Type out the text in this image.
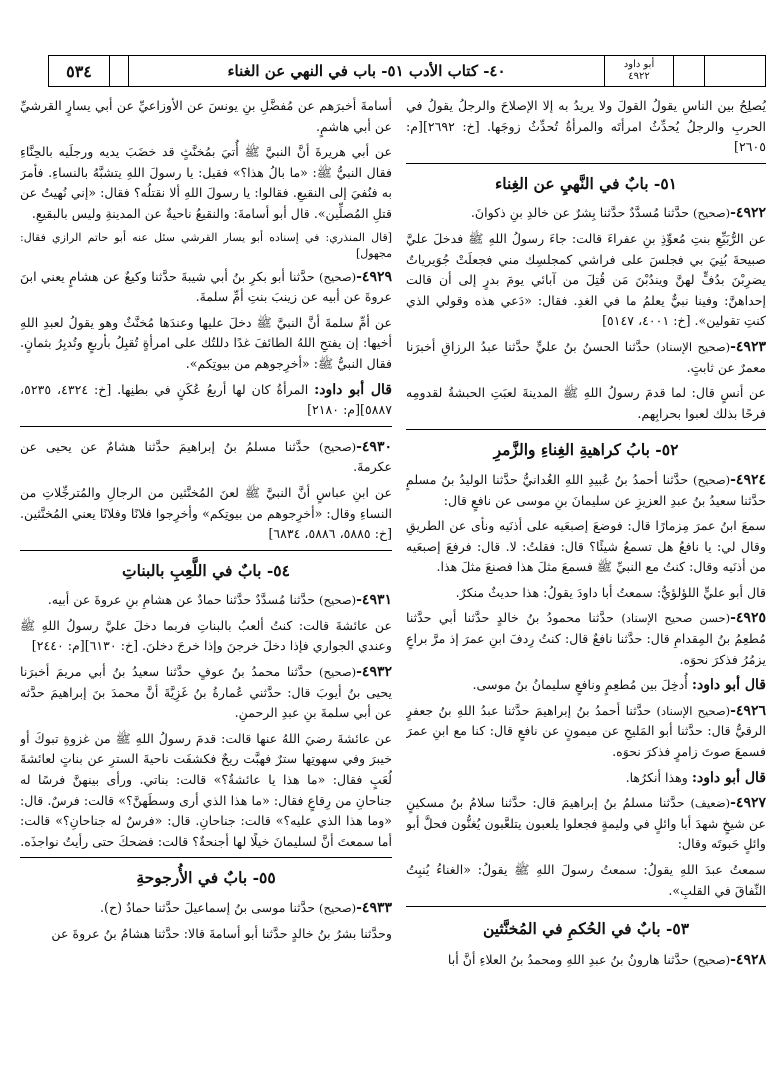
٥٣٤	٤٠- كتاب الأدب ٥١- باب في النهي عن الغناء	أبو داود
٤٩٢٢

يُصلِحُ بين الناسِ يقولُ القولَ ولا يريدُ به إلا الإصلاحَ والرجلُ يقولُ في الحربِ والرجلُ يُحدِّثُ امرأتَه والمرأةُ تُحدِّثُ زوجَها. [خ: ٢٦٩٢][م: ٢٦٠٥]

٥١- بابٌ في النَّهيِ عن الغِناء

٤٩٢٢-(صحيح) حدَّثنا مُسدَّدٌ حدَّثنا بِشرٌ عن خالدِ بنِ ذكوانَ.

عن الرُّبَيِّعِ بنتِ مُعوِّذِ بنِ عفراءَ قالت: جاءَ رسولُ اللهِ ﷺ فدخلَ عليَّ صبيحةَ بُنِيَ بي فجلسَ على فراشي كمجلسِك مني فجعلَتْ جُوَيرياتٌ يضرِبْنَ بدُفٍّ لهنَّ ويندُبْنَ مَن قُتِلَ من آبائي يومَ بدرٍ إلى أن قالت إحداهنَّ: وفينا نبيٌّ يعلمُ ما في الغدِ. فقال: «دَعي هذه وقولي الذي كنتِ تقولين». [خ: ٤٠٠١، ٥١٤٧]

٤٩٢٣-(صحيح الإسناد) حدَّثنا الحسنُ بنُ عليٍّ حدَّثنا عبدُ الرزاقِ أخبرَنا معمرٌ عن ثابتٍ.

عن أنسٍ قال: لما قدمَ رسولُ اللهِ ﷺ المدينةَ لعبَتِ الحبشةُ لقدومِه فرحًا بذلك لعبوا بحرابِهم.

٥٢- بابُ كراهيةِ الغِناءِ والزَّمرِ

٤٩٢٤-(صحيح) حدَّثنا أحمدُ بنُ عُبيدِ اللهِ الغُدانيُّ حدَّثنا الوليدُ بنُ مسلمٍ حدَّثنا سعيدُ بنُ عبدِ العزيزِ عن سليمانَ بنِ موسى عن نافعٍ قال:

سمعَ ابنُ عمرَ مِزمارًا قال: فوضعَ إصبعَيه على أذنَيه ونأى عن الطريقِ وقال لي: يا نافعُ هل تسمعُ شيئًا؟ قال: فقلتُ: لا. قال: فرفعَ إصبعَيه من أذنَيه وقال: كنتُ مع النبيِّ ﷺ فسمعَ مثلَ هذا فصنعَ مثلَ هذا.

قال أبو عليٍّ اللؤلؤيُّ: سمعتُ أبا داودَ يقولُ: هذا حديثٌ منكرٌ.

٤٩٢٥-(حسن صحيح الإسناد) حدَّثنا محمودُ بنُ خالدٍ حدَّثنا أبي حدَّثنا مُطعِمُ بنُ المِقدامِ قال: حدَّثنا نافعٌ قال: كنتُ رِدفَ ابنِ عمرَ إذ مرَّ براعٍ يزمُرُ فذكرَ نحوَه.

قال أبو داود: أُدخِلَ بين مُطعِمٍ ونافعٍ سليمانُ بنُ موسى.

٤٩٢٦-(صحيح الإسناد) حدَّثنا أحمدُ بنُ إبراهيمَ حدَّثنا عبدُ اللهِ بنُ جعفرٍ الرقيُّ قال: حدَّثنا أبو المَليحِ عن ميمونٍ عن نافعٍ قال: كنا مع ابنِ عمرَ فسمعَ صوتَ زامرٍ فذكرَ نحوَه.

قال أبو داود: وهذا أنكرُها.

٤٩٢٧-(ضعيف) حدَّثنا مسلمُ بنُ إبراهيمَ قال: حدَّثنا سلامُ بنُ مسكينٍ عن شيخٍ شهدَ أبا وائلٍ في وليمةٍ فجعلوا يلعبون يتلعَّبون يُغنُّون فحلَّ أبو وائلٍ حَبوتَه وقال:

سمعتُ عبدَ اللهِ يقولُ: سمعتُ رسولَ اللهِ ﷺ يقولُ: «الغناءُ يُنبِتُ النِّفاقَ في القلبِ».

٥٣- بابٌ في الحُكمِ في المُخنَّثين

٤٩٢٨-(صحيح) حدَّثنا هارونُ بنُ عبدِ اللهِ ومحمدُ بنُ العلاءِ أنَّ أبا

أسامةَ أخبرَهم عن مُفضَّلِ بنِ يونسَ عن الأوزاعيِّ عن أبي يسارٍ القرشيِّ عن أبي هاشمٍ.

عن أبي هريرةَ أنَّ النبيَّ ﷺ أُتيَ بمُخنَّثٍ قد خضَبَ يديه ورجلَيه بالحِنَّاءِ فقال النبيُّ ﷺ: «ما بالُ هذا؟» فقيل: يا رسولَ اللهِ يتشبَّهُ بالنساءِ. فأمرَ به فنُفيَ إلى النقيعِ. فقالوا: يا رسولَ اللهِ ألا نقتلُه؟ فقال: «إني نُهيتُ عن قتلِ المُصلِّين». قال أبو أسامةَ: والنقيعُ ناحيةٌ عن المدينةِ وليس بالبقيعِ.

[قال المنذري: في إسناده أبو يسار القرشي سئل عنه أبو حاتم الرازي فقال: مجهول]

٤٩٢٩-(صحيح) حدَّثنا أبو بكرِ بنُ أبي شيبةَ حدَّثنا وكيعٌ عن هشامٍ يعني ابنَ عروةَ عن أبيه عن زينبَ بنتِ أمِّ سلمةَ.

عن أمِّ سلمةَ أنَّ النبيَّ ﷺ دخلَ عليها وعندَها مُخنَّثٌ وهو يقولُ لعبدِ اللهِ أخيها: إن يفتحِ اللهُ الطائفَ غدًا دللتُك على امرأةٍ تُقبِلُ بأربعٍ وتُدبِرُ بثمانٍ. فقال النبيُّ ﷺ: «أخرِجوهم من بيوتِكم».

قال أبو داود: المرأةُ كان لها أربعُ عُكَنٍ في بطنِها. [خ: ٤٣٢٤، ٥٢٣٥، ٥٨٨٧][م: ٢١٨٠]

٤٩٣٠-(صحيح) حدَّثنا مسلمُ بنُ إبراهيمَ حدَّثنا هشامٌ عن يحيى عن عكرمةَ.

عن ابنِ عباسٍ أنَّ النبيَّ ﷺ لعنَ المُخنَّثين من الرجالِ والمُترجِّلاتِ من النساءِ وقال: «أخرِجوهم من بيوتِكم» وأخرِجوا فلانًا وفلانًا يعني المُخنَّثين. [خ: ٥٨٨٥، ٥٨٨٦، ٦٨٣٤]

٥٤- بابٌ في اللَّعِبِ بالبناتِ

٤٩٣١-(صحيح) حدَّثنا مُسدَّدٌ حدَّثنا حمادٌ عن هشامِ بنِ عروةَ عن أبيه.

عن عائشةَ قالت: كنتُ ألعبُ بالبناتِ فربما دخلَ عليَّ رسولُ اللهِ ﷺ وعندي الجواري فإذا دخلَ خرجنَ وإذا خرجَ دخلنَ. [خ: ٦١٣٠][م: ٢٤٤٠]

٤٩٣٢-(صحيح) حدَّثنا محمدُ بنُ عوفٍ حدَّثنا سعيدُ بنُ أبي مريمَ أخبرَنا يحيى بنُ أيوبَ قال: حدَّثني عُمارةُ بنُ غَزِيَّةَ أنَّ محمدَ بنَ إبراهيمَ حدَّثه عن أبي سلمةَ بنِ عبدِ الرحمنِ.

عن عائشةَ رضيَ اللهُ عنها قالت: قدمَ رسولُ اللهِ ﷺ من غزوةِ تبوكَ أو خيبرَ وفي سهوتِها سترٌ فهبَّت ريحٌ فكشفَت ناحيةَ السترِ عن بناتٍ لعائشةَ لُعَبٍ فقال: «ما هذا يا عائشةُ؟» قالت: بناتي. ورأى بينهنَّ فرسًا له جناحانِ من رِقاعٍ فقال: «ما هذا الذي أرى وسطَهنَّ؟» قالت: فرسٌ. قال: «وما هذا الذي عليه؟» قالت: جناحانِ. قال: «فرسٌ له جناحانِ؟» قالت: أما سمعتَ أنَّ لسليمانَ خيلًا لها أجنحةٌ؟ قالت: فضحكَ حتى رأيتُ نواجذَه.

٥٥- بابٌ في الأُرجوحةِ

٤٩٣٣-(صحيح) حدَّثنا موسى بنُ إسماعيلَ حدَّثنا حمادٌ (ح).

وحدَّثنا بشرُ بنُ خالدٍ حدَّثنا أبو أسامةَ قالا: حدَّثنا هشامُ بنُ عروةَ عن
